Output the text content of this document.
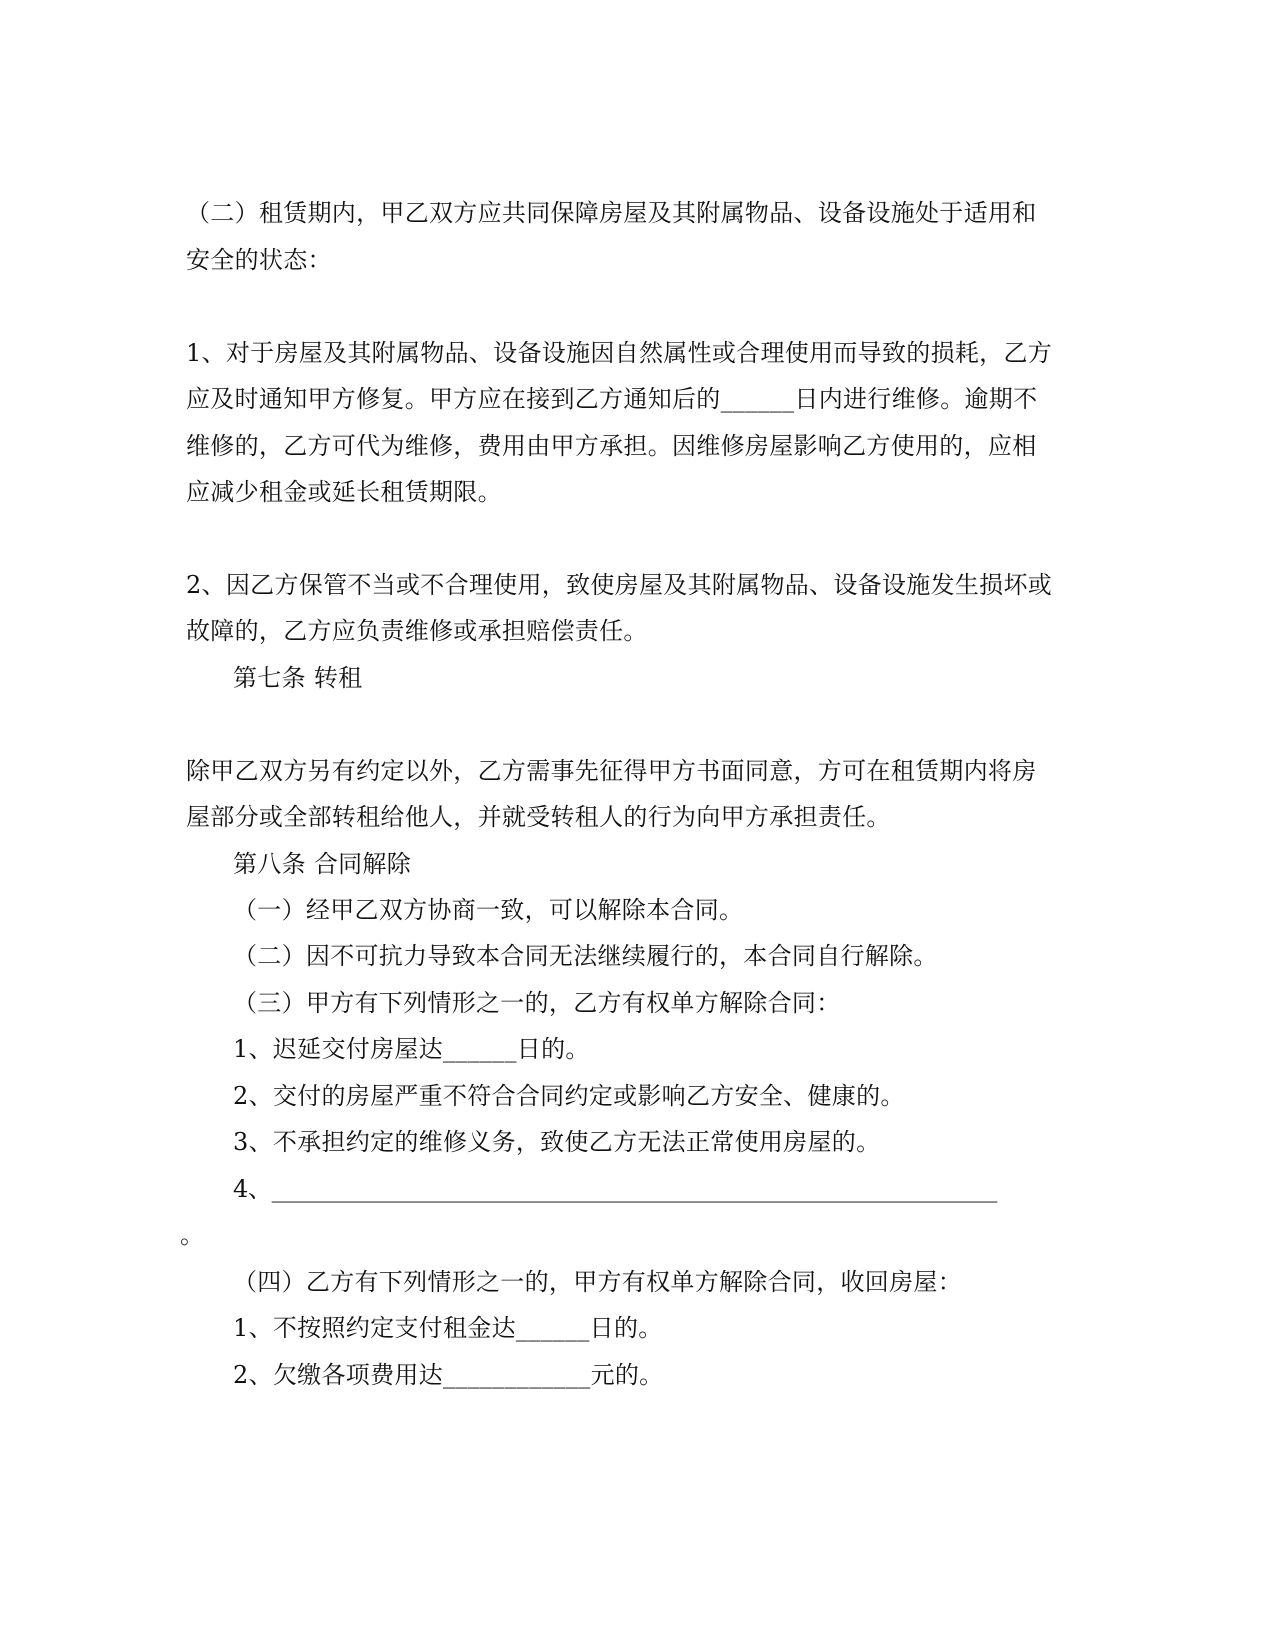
（二）租赁期内，甲乙双方应共同保障房屋及其附属物品、设备设施处于适用和

安全的状态：

1、对于房屋及其附属物品、设备设施因自然属性或合理使用而导致的损耗，乙方

应及时通知甲方修复。甲方应在接到乙方通知后的______日内进行维修。逾期不

维修的，乙方可代为维修，费用由甲方承担。因维修房屋影响乙方使用的，应相

应减少租金或延长租赁期限。

2、因乙方保管不当或不合理使用，致使房屋及其附属物品、设备设施发生损坏或

故障的，乙方应负责维修或承担赔偿责任。

第七条 转租

除甲乙双方另有约定以外，乙方需事先征得甲方书面同意，方可在租赁期内将房

屋部分或全部转租给他人，并就受转租人的行为向甲方承担责任。

第八条 合同解除

（一）经甲乙双方协商一致，可以解除本合同。

（二）因不可抗力导致本合同无法继续履行的，本合同自行解除。

（三）甲方有下列情形之一的，乙方有权单方解除合同：

1、迟延交付房屋达______日的。

2、交付的房屋严重不符合合同约定或影响乙方安全、健康的。

3、不承担约定的维修义务，致使乙方无法正常使用房屋的。

4、______________________________________________________________

。

（四）乙方有下列情形之一的，甲方有权单方解除合同，收回房屋：

1、不按照约定支付租金达______日的。

2、欠缴各项费用达____________元的。
